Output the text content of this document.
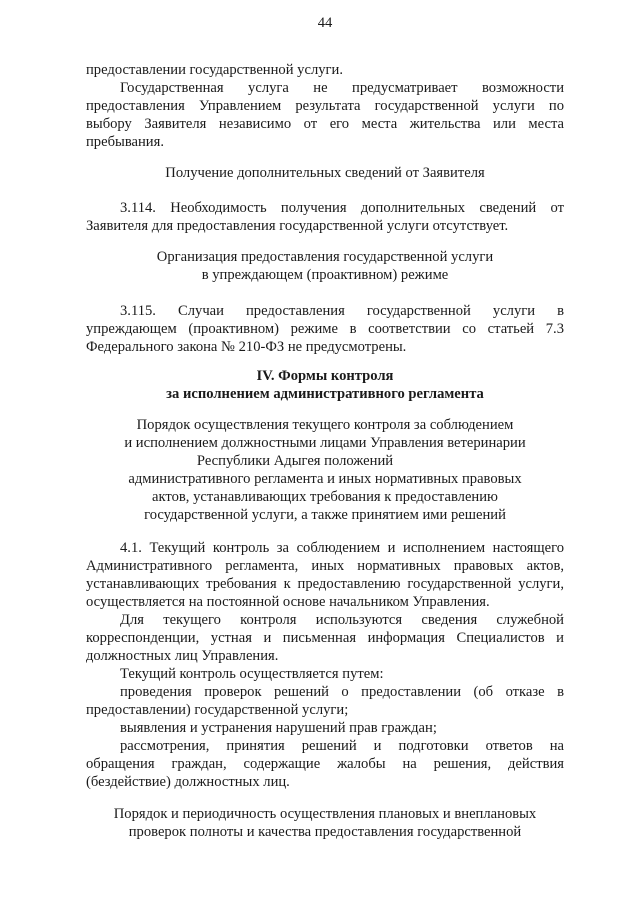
44
предоставлении государственной услуги.
Государственная услуга не предусматривает возможности
предоставления Управлением результата государственной услуги по
выбору Заявителя независимо от его места жительства или места
пребывания.
Получение дополнительных сведений от Заявителя
3.114. Необходимость получения дополнительных сведений от
Заявителя для предоставления государственной услуги отсутствует.
Организация предоставления государственной услуги
в упреждающем (проактивном) режиме
3.115. Случаи предоставления государственной услуги в
упреждающем (проактивном) режиме в соответствии со статьей 7.3
Федерального закона № 210-ФЗ не предусмотрены.
IV. Формы контроля
за исполнением административного регламента
Порядок осуществления текущего контроля за соблюдением
и исполнением должностными лицами Управления ветеринарии
Республики Адыгея положений
административного регламента и иных нормативных правовых
актов, устанавливающих требования к предоставлению
государственной услуги, а также принятием ими решений
4.1. Текущий контроль за соблюдением и исполнением настоящего
Административного регламента, иных нормативных правовых актов,
устанавливающих требования к предоставлению государственной услуги,
осуществляется на постоянной основе начальником Управления.
Для текущего контроля используются сведения служебной
корреспонденции, устная и письменная информация Специалистов и
должностных лиц Управления.
Текущий контроль осуществляется путем:
проведения проверок решений о предоставлении (об отказе в
предоставлении) государственной услуги;
выявления и устранения нарушений прав граждан;
рассмотрения, принятия решений и подготовки ответов на
обращения граждан, содержащие жалобы на решения, действия
(бездействие) должностных лиц.
Порядок и периодичность осуществления плановых и внеплановых
проверок полноты и качества предоставления государственной
